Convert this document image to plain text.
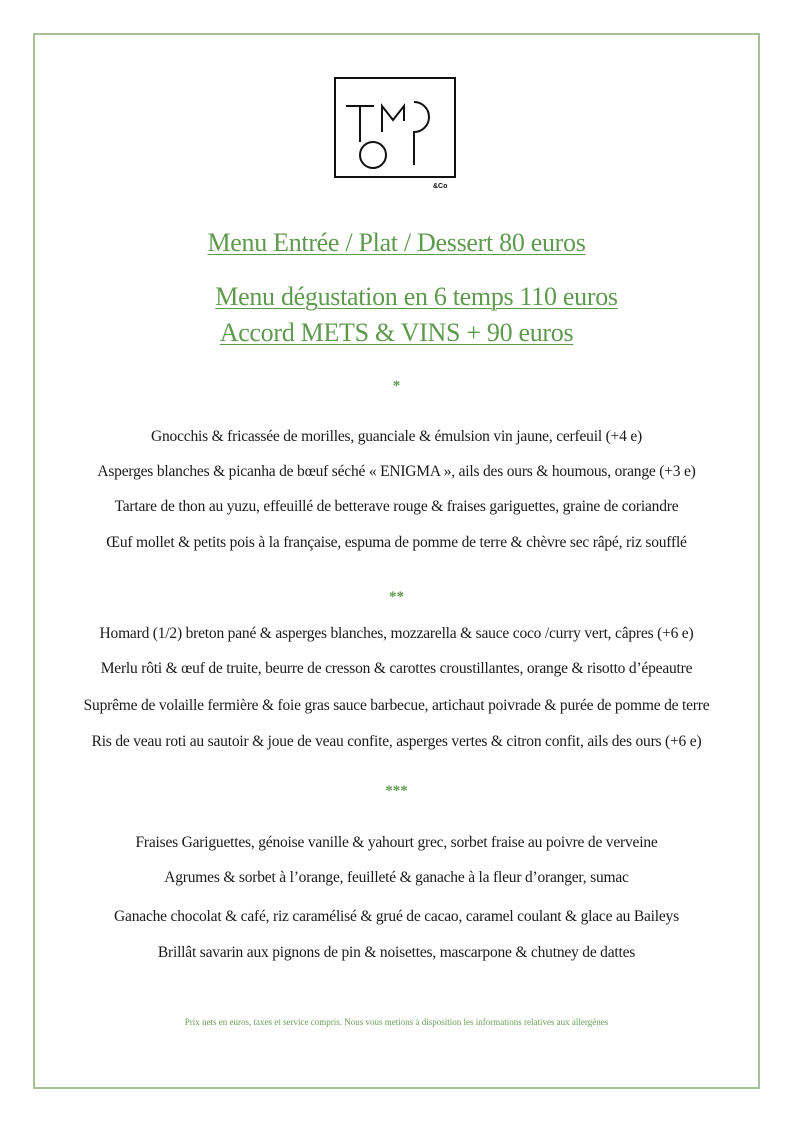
&Co
Menu Entrée / Plat / Dessert 80 euros
Menu dégustation en 6 temps 110 euros
Accord METS & VINS + 90 euros
*
Gnocchis & fricassée de morilles, guanciale & émulsion vin jaune, cerfeuil (+4 e)
Asperges blanches & picanha de bœuf séché « ENIGMA », ails des ours & houmous, orange (+3 e)
Tartare de thon au yuzu, effeuillé de betterave rouge & fraises gariguettes, graine de coriandre
Œuf mollet & petits pois à la française, espuma de pomme de terre & chèvre sec râpé, riz soufflé
**
Homard (1/2) breton pané & asperges blanches, mozzarella & sauce coco /curry vert, câpres (+6 e)
Merlu rôti & œuf de truite, beurre de cresson & carottes croustillantes, orange & risotto d’épeautre
Suprême de volaille fermière & foie gras sauce barbecue, artichaut poivrade & purée de pomme de terre
Ris de veau roti au sautoir & joue de veau confite, asperges vertes & citron confit, ails des ours (+6 e)
***
Fraises Gariguettes, génoise vanille & yahourt grec, sorbet fraise au poivre de verveine
Agrumes & sorbet à l’orange, feuilleté & ganache à la fleur d’oranger, sumac
Ganache chocolat & café, riz caramélisé & grué de cacao, caramel coulant & glace au Baileys
Brillât savarin aux pignons de pin & noisettes, mascarpone & chutney de dattes
Prix nets en euros, taxes et service compris. Nous vous metions à disposition les informations relatives aux allergènes
